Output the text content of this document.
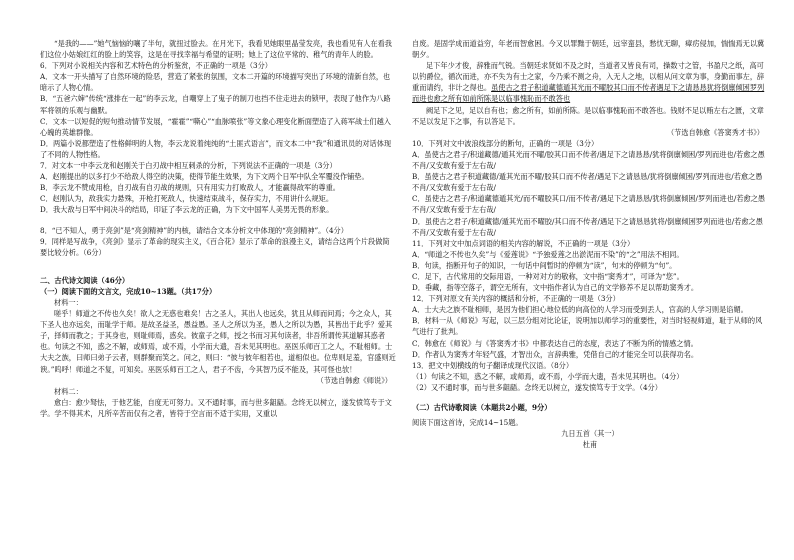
“是我的——”她气恼恼的嚷了半句，就扭过脸去。在月光下，我看见她眼里晶莹发亮，我也看见有人在看我们这位小姑娘红红的脸上的笑容，这是在寻找幸福与希望的证明；她上了这位平常的、稚气的青年人的脸。

6．下列对小说相关内容和艺术特色的分析鉴赏，不正确的一项是（3分）

A．文本一开头描写了自然环境的险恶，营造了紧张的氛围，文本二开篇的环境描写突出了环境的清新自然，也暗示了人物心情。

B．“五爸六婶”传统“涨排在一起”的李云龙，自嘲穿上了鬼子的制刀也挡不住走进去的锁甲，表现了他作为八路军将领的乐观与幽默。

C．文本一以短促的短句推动情节发展，“霍霍”“嘶心”“血脉喷张”等文象心理变化断面塑造了入蒋军战士们越入心魄的英雄群像。

D．两篇小说都塑造了性格鲜明的人物，李云龙说着纯纯的“土匪式语言”，而文本二中“我”和通讯员的对话体现了不同的人物性格。

7．对文本一中李云龙和赵刚关于白刃战中相互刺杀的分析，下列说法不正确的一项是（3分）

A．赵刚提出的以多打少不给敌人得空的决策，使得节能生效果，为下文两个日军中队全军覆没作铺垫。

B．李云龙不赞成用枪，自刃战有自刃战的规则，只有用实力打败敌人，才能赢得敌军的尊重。

C．赵刚认为，敌我实力悬殊，开枪打死敌人，快速结束战斗，保存实力，不用讲什么规矩。

D．我大敌与日军中间决斗的结局，印证了李云龙的正确，为下文中国军人美男无畏的形象。

8．“已不知人，勇于亮剑”是“亮剑精神”的内核，请结合文本分析文中体现的“亮剑精神”。（4分）

9．同样是写战争，《亮剑》显示了革命的现实主义，《百合花》显示了革命的浪漫主义，请结合这两个片段做简要比较分析。（6分）

二、古代诗文阅读（46分）

（一）阅读下面的文言文，完成10~13题。（共17分）

材料一：

嗟乎！师道之不传也久矣！欲人之无惑也难矣！古之圣人，其出人也远矣，犹且从师而问焉；今之众人，其下圣人也亦远矣，而耻学于师。是故圣益圣，愚益愚。圣人之所以为圣，愚人之所以为愚，其皆出于此乎？爱其子，择师而教之；于其身也，则耻师焉，惑矣。彼童子之师，授之书而习其句读者，非吾所谓传其道解其惑者也。句读之不知，惑之不解，或师焉，或不焉，小学而大遗，吾未见其明也。巫医乐师百工之人，不耻相师。士大夫之族，曰师曰弟子云者，则群聚而笑之。问之，则曰：“彼与彼年相若也，道相似也。位卑则足羞，官盛则近谀。”呜呼！师道之不复，可知矣。巫医乐师百工之人，君子不齿，今其智乃反不能及，其可怪也欤！

（节选自韩愈《师说》）

材料二：

愈白：愈少驽怯，于他艺能，自度无可努力。又不通时事，而与世多龃龉。念终无以树立，遂发愤笃专于文学。学不得其术，凡所辛苦而仅有之者，皆符于空言而不适于实用，又重以

自废。是固学成而道益穷，年老而智愈困。今又以罪黜于朝廷，远宰蛮县，愁忧无聊，瘴疠侵加，惴惴焉无以冀朝夕。

足下年少才俊，辞雅而气锐。当朝廷求贤如不及之时，当道者又皆良有司，操数寸之管，书盈尺之纸，高可以钓爵位，循次而进，亦不失为有士之家，今乃乘不测之舟，入无人之地，以相从问文章为事，身勤而事左，辞重而请约，非计之得也。虽使古之君子积道藏德遁其光而不曜胶其口而不传者遇足下之请恳恳犹将倒廪倾困罗列而进也愈之所有如前所陈是以临事愧恥而不敢答也

阙足下之见，足以自有也；愈之所有，如前所陈。是以临事愧恥而不敢答也。钱财不足以贿左右之匮，文章不足以发足下之事，有以答足下。

（节选自韩愈《答窦秀才书》）

10．下列对文中波浪线部分的断句，正确的一项是（3分）

A．虽使古之君子/积道藏德/遁其光而不曜/胶其口而不传者/遇足下之请恳恳/犹将倒廪倾困/罗列而进也/若愈之愚不肖/又安敢有爱于左右哉/

B．虽使古之君子积道藏德/遁其光而不曜/胶其口而不传者/遇足下之请恳恳/犹将倒廪倾困/罗列而进也/若愈之愚不肖/又安敢有爱于左右哉/

C．虽使古之君子/积道藏德遁其光/而不曜胶其口/而不传者/遇足下之请恳恳/犹将倒廪倾困/罗列而进也/若愈之愚不肖/又安敢有爱于左右哉/

D．虽使古之君子/积道藏德/遁其光而不曜胶/其口而不传者/遇足下之请恳恳犹将/倒廪倾困罗列而进也/若愈之愚不肖/又安敢有爱于左右哉/

11．下列对文中加点词语的相关内容的解说，不正确的一项是（3分）

A．“师道之不传也久矣”与《爱莲说》“予独爱莲之出淤泥而不染”的“之”用法不相同。

B．句读，指断开句子的知识，一句话中间暂时的停顿为“读”，句末的停顿为“句”。

C．足下，古代常用的交际用语，一种对对方的敬称，文中指“窦秀才”，可译为“您”。

D．垂藏，指等空落子，谓空无所有，文中指作者认为自己的文学修养不足以帮助窦秀才。

12．下列对原文有关内容的概括和分析，不正确的一项是（3分）

A．士大夫之族不耻相师，是因为他们担心地位低的向高位的人学习而受到丢人，官高的人学习则是谄媚。

B．材料一从《师说》写起，以三层分组对比论证，说明加以师学习的重要性，对当时轻视师道，耻于从师的风气进行了批判。

C．韩愈在《师说》与《答窦秀才书》中都表达自己的态度，表达了不断为所的情感之情。

D．作者认为窦秀才年轻气盛，才智出众，言辞典雅，凭借自己的才能完全可以获得功名。

13．把文中划横线的句子翻译成现代汉语。（8分）

（1）句读之不知，惑之不解，或师焉，或不焉，小学而大遗，吾未见其明也。（4分）

（2）又不通时事，而与世多龃龉。念终无以树立，遂发愤笃专于文学。（4分）

（二）古代诗歌阅读（本题共2小题，9分）

阅读下面这首诗，完成14~15题。

九日五首（其一）

杜甫
